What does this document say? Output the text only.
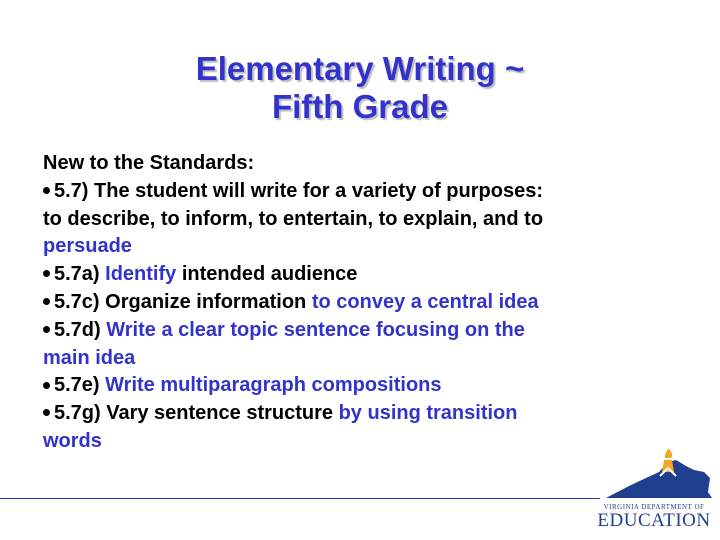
Elementary Writing ~
Fifth Grade
New to the Standards:
5.7) The student will write for a variety of purposes:
to describe, to inform, to entertain, to explain, and to
persuade
5.7a) Identify intended audience
5.7c) Organize information to convey a central idea
5.7d) Write a clear topic sentence focusing on the
main idea
5.7e) Write multiparagraph compositions
5.7g) Vary sentence structure by using transition
words
VIRGINIA DEPARTMENT OF
EDUCATION
